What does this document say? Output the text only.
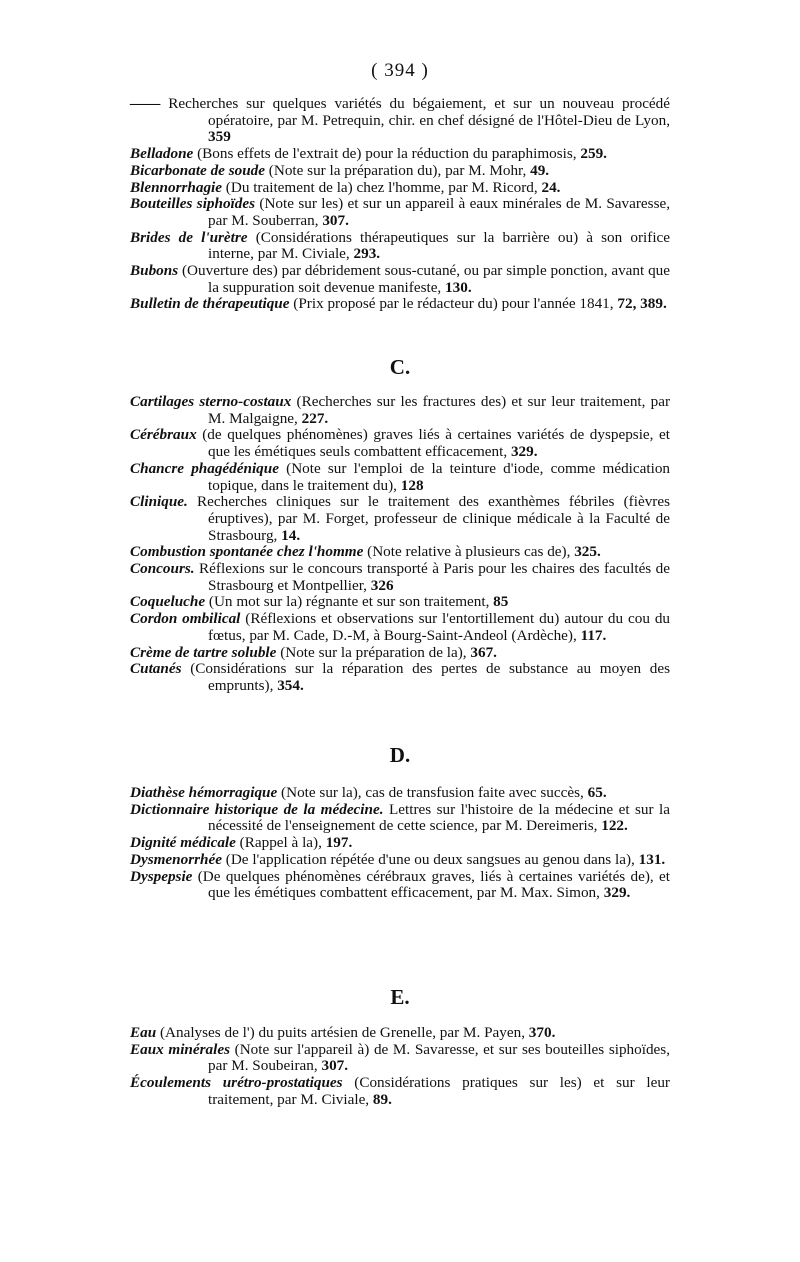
( 394 )
—— Recherches sur quelques variétés du bégaiement, et sur un nouveau procédé opératoire, par M. Petrequin, chir. en chef désigné de l'Hôtel-Dieu de Lyon, 359
Belladone (Bons effets de l'extrait de) pour la réduction du paraphimosis, 259.
Bicarbonate de soude (Note sur la préparation du), par M. Mohr, 49.
Blennorrhagie (Du traitement de la) chez l'homme, par M. Ricord, 24.
Bouteilles siphoïdes (Note sur les) et sur un appareil à eaux minérales de M. Savaresse, par M. Souberran, 307.
Brides de l'urètre (Considérations thérapeutiques sur la barrière ou) à son orifice interne, par M. Civiale, 293.
Bubons (Ouverture des) par débridement sous-cutané, ou par simple ponction, avant que la suppuration soit devenue manifeste, 130.
Bulletin de thérapeutique (Prix proposé par le rédacteur du) pour l'année 1841, 72, 389.
C.
Cartilages sterno-costaux (Recherches sur les fractures des) et sur leur traitement, par M. Malgaigne, 227.
Cérébraux (de quelques phénomènes) graves liés à certaines variétés de dyspepsie, et que les émétiques seuls combattent efficacement, 329.
Chancre phagédénique (Note sur l'emploi de la teinture d'iode, comme médication topique, dans le traitement du), 128
Clinique. Recherches cliniques sur le traitement des exanthèmes fébriles (fièvres éruptives), par M. Forget, professeur de clinique médicale à la Faculté de Strasbourg, 14.
Combustion spontanée chez l'homme (Note relative à plusieurs cas de), 325.
Concours. Réflexions sur le concours transporté à Paris pour les chaires des facultés de Strasbourg et Montpellier, 326
Coqueluche (Un mot sur la) régnante et sur son traitement, 85
Cordon ombilical (Réflexions et observations sur l'entortillement du) autour du cou du fœtus, par M. Cade, D.-M, à Bourg-Saint-Andeol (Ardèche), 117.
Crème de tartre soluble (Note sur la préparation de la), 367.
Cutanés (Considérations sur la réparation des pertes de substance au moyen des emprunts), 354.
D.
Diathèse hémorragique (Note sur la), cas de transfusion faite avec succès, 65.
Dictionnaire historique de la médecine. Lettres sur l'histoire de la médecine et sur la nécessité de l'enseignement de cette science, par M. Dereimeris, 122.
Dignité médicale (Rappel à la), 197.
Dysmenorrhée (De l'application répétée d'une ou deux sangsues au genou dans la), 131.
Dyspepsie (De quelques phénomènes cérébraux graves, liés à certaines variétés de), et que les émétiques combattent efficacement, par M. Max. Simon, 329.
E.
Eau (Analyses de l') du puits artésien de Grenelle, par M. Payen, 370.
Eaux minérales (Note sur l'appareil à) de M. Savaresse, et sur ses bouteilles siphoïdes, par M. Soubeiran, 307.
Écoulements urétro-prostatiques (Considérations pratiques sur les) et sur leur traitement, par M. Civiale, 89.
